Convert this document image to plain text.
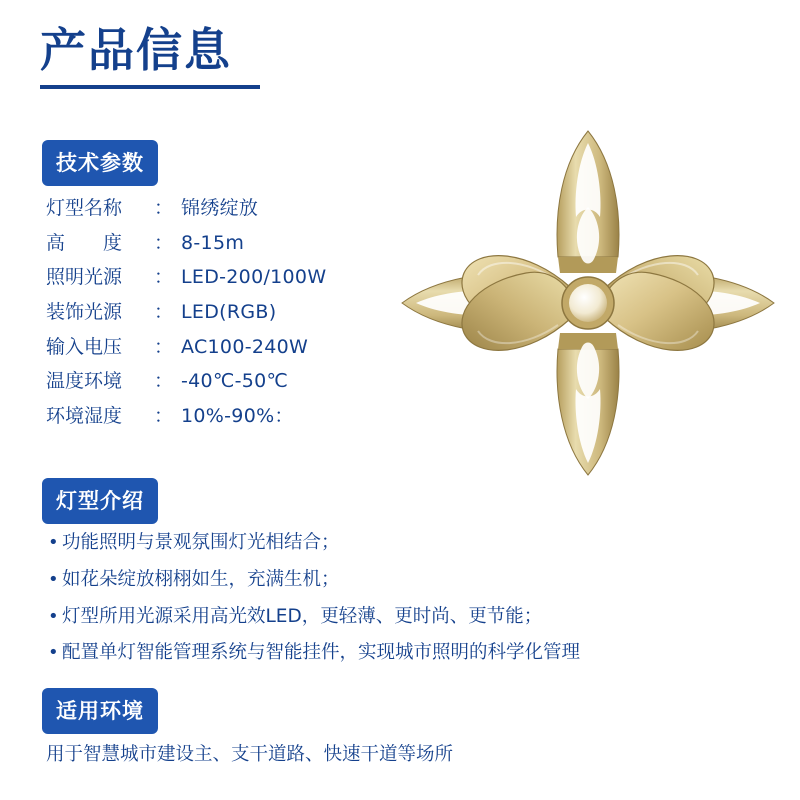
产品信息
技术参数
灯型名称	： 锦绣绽放
高　　度	： 8-15m
照明光源	： LED-200/100W
装饰光源	： LED(RGB)
输入电压	： AC100-240W
温度环境	： -40℃-50℃
环境湿度	： 10%-90%：
灯型介绍
• 功能照明与景观氛围灯光相结合；
• 如花朵绽放栩栩如生，充满生机；
• 灯型所用光源采用高光效LED，更轻薄、更时尚、更节能；
• 配置单灯智能管理系统与智能挂件，实现城市照明的科学化管理
适用环境
用于智慧城市建设主、支干道路、快速干道等场所
